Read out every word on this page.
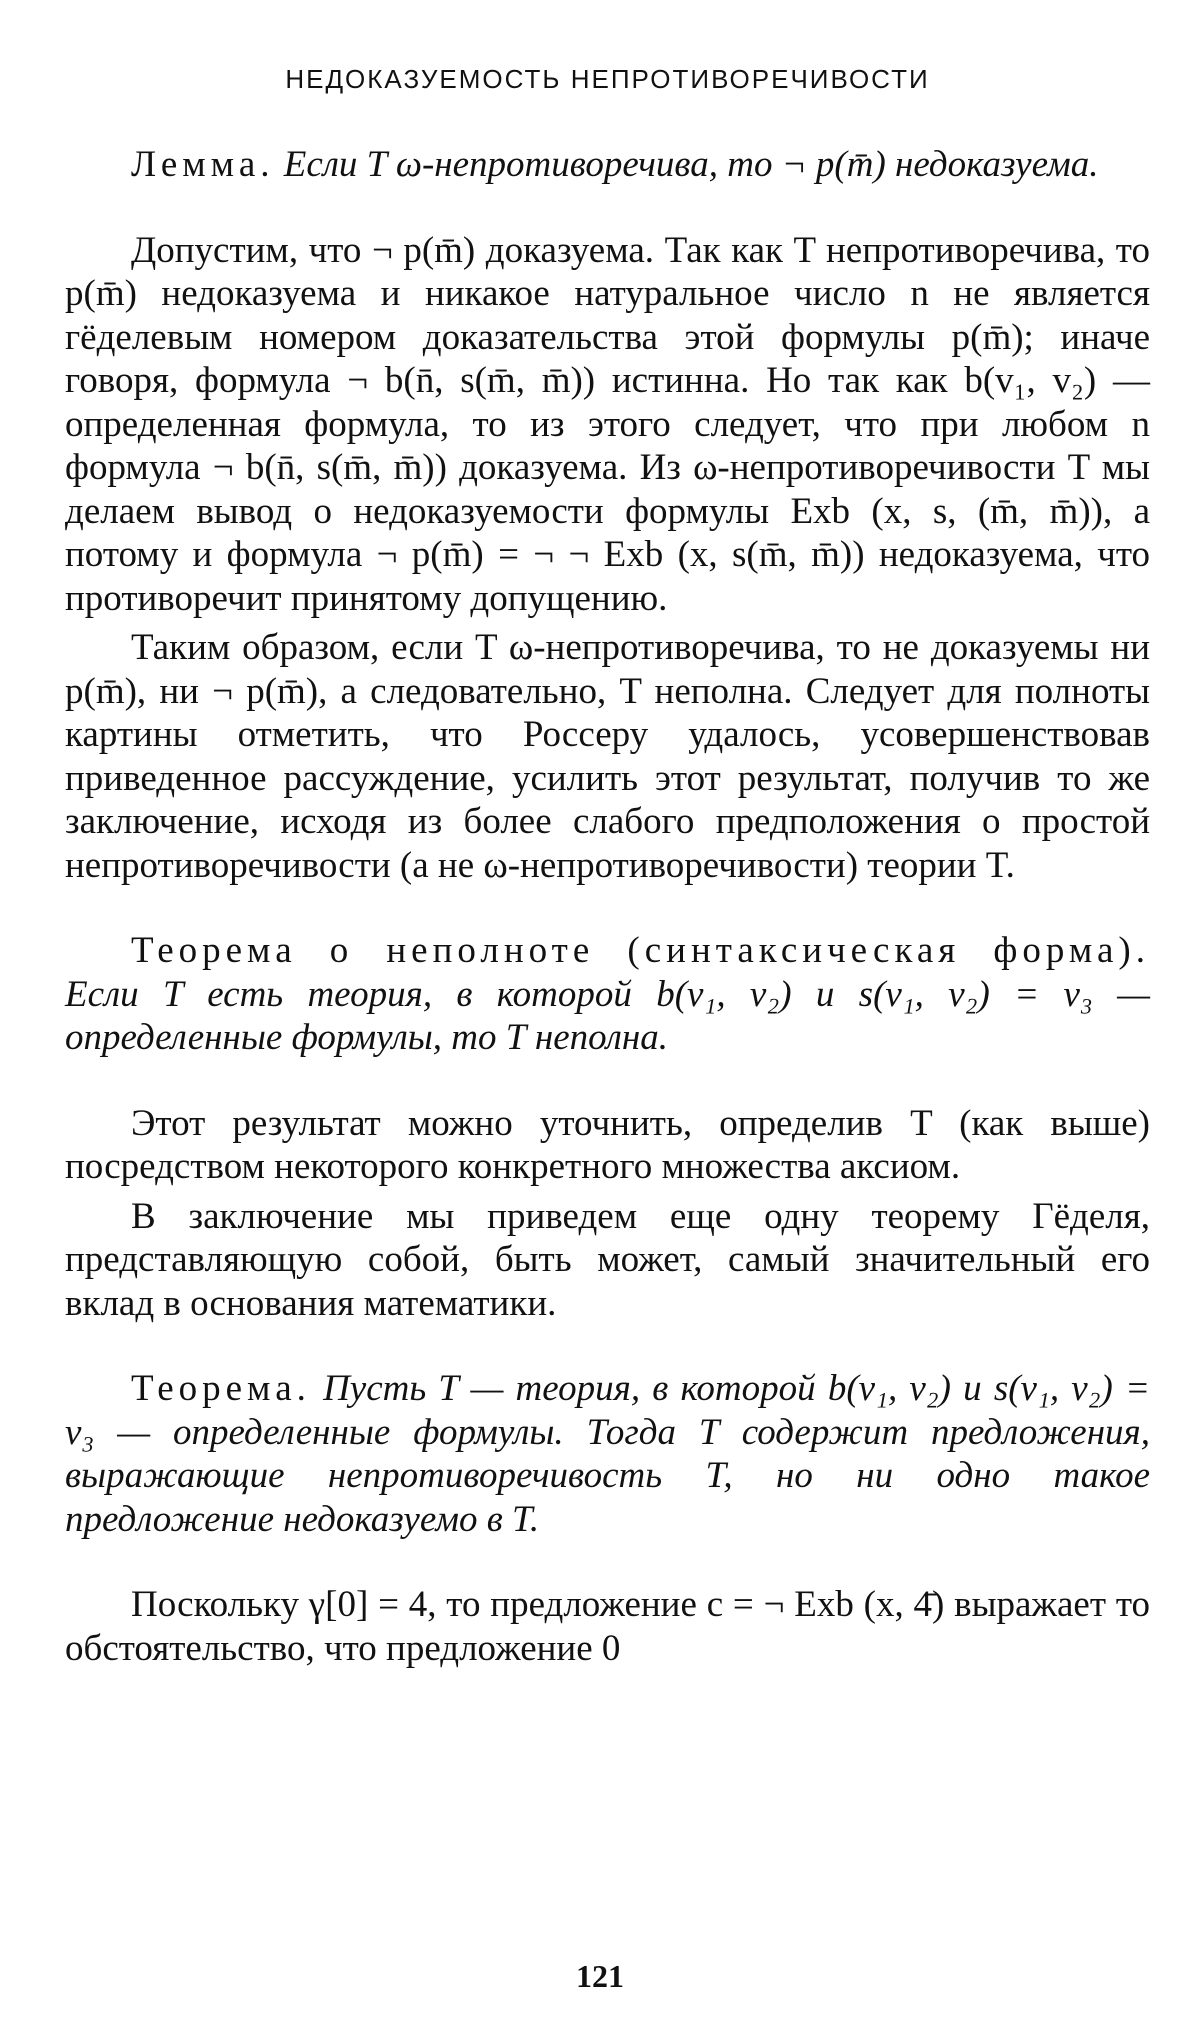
НЕДОКАЗУЕМОСТЬ НЕПРОТИВОРЕЧИВОСТИ

Лемма. Если T ω-непротиворечива, то ¬ p(m̄) недоказуема.

Допустим, что ¬ p(m̄) доказуема. Так как T непротиворечива, то p(m̄) недоказуема и никакое натуральное число n не является гёделевым номером доказательства этой формулы p(m̄); иначе говоря, формула ¬ b(n̄, s(m̄, m̄)) истинна. Но так как b(v₁, v₂) — определенная формула, то из этого следует, что при любом n формула ¬ b(n̄, s(m̄, m̄)) доказуема. Из ω-непротиворечивости T мы делаем вывод о недоказуемости формулы Exb (x, s, (m̄, m̄)), а потому и формула ¬ p(m̄) = ¬ ¬ Exb (x, s(m̄, m̄)) недоказуема, что противоречит принятому допущению.

Таким образом, если T ω-непротиворечива, то не доказуемы ни p(m̄), ни ¬ p(m̄), а следовательно, T неполна. Следует для полноты картины отметить, что Россеру удалось, усовершенствовав приведенное рассуждение, усилить этот результат, получив то же заключение, исходя из более слабого предположения о простой непротиворечивости (а не ω-непротиворечивости) теории T.

Теорема о неполноте (синтаксическая форма). Если T есть теория, в которой b(v₁, v₂) и s(v₁, v₂) = v₃ — определенные формулы, то T неполна.

Этот результат можно уточнить, определив T (как выше) посредством некоторого конкретного множества аксиом.

В заключение мы приведем еще одну теорему Гёделя, представляющую собой, быть может, самый значительный его вклад в основания математики.

Теорема. Пусть T — теория, в которой b(v₁, v₂) и s(v₁, v₂) = v₃ — определенные формулы. Тогда T содержит предложения, выражающие непротиворечивость T, но ни одно такое предложение недоказуемо в T.

Поскольку γ[0] = 4, то предложение c = ¬ Exb (x, 4̄) выражает то обстоятельство, что предложение 0

121
